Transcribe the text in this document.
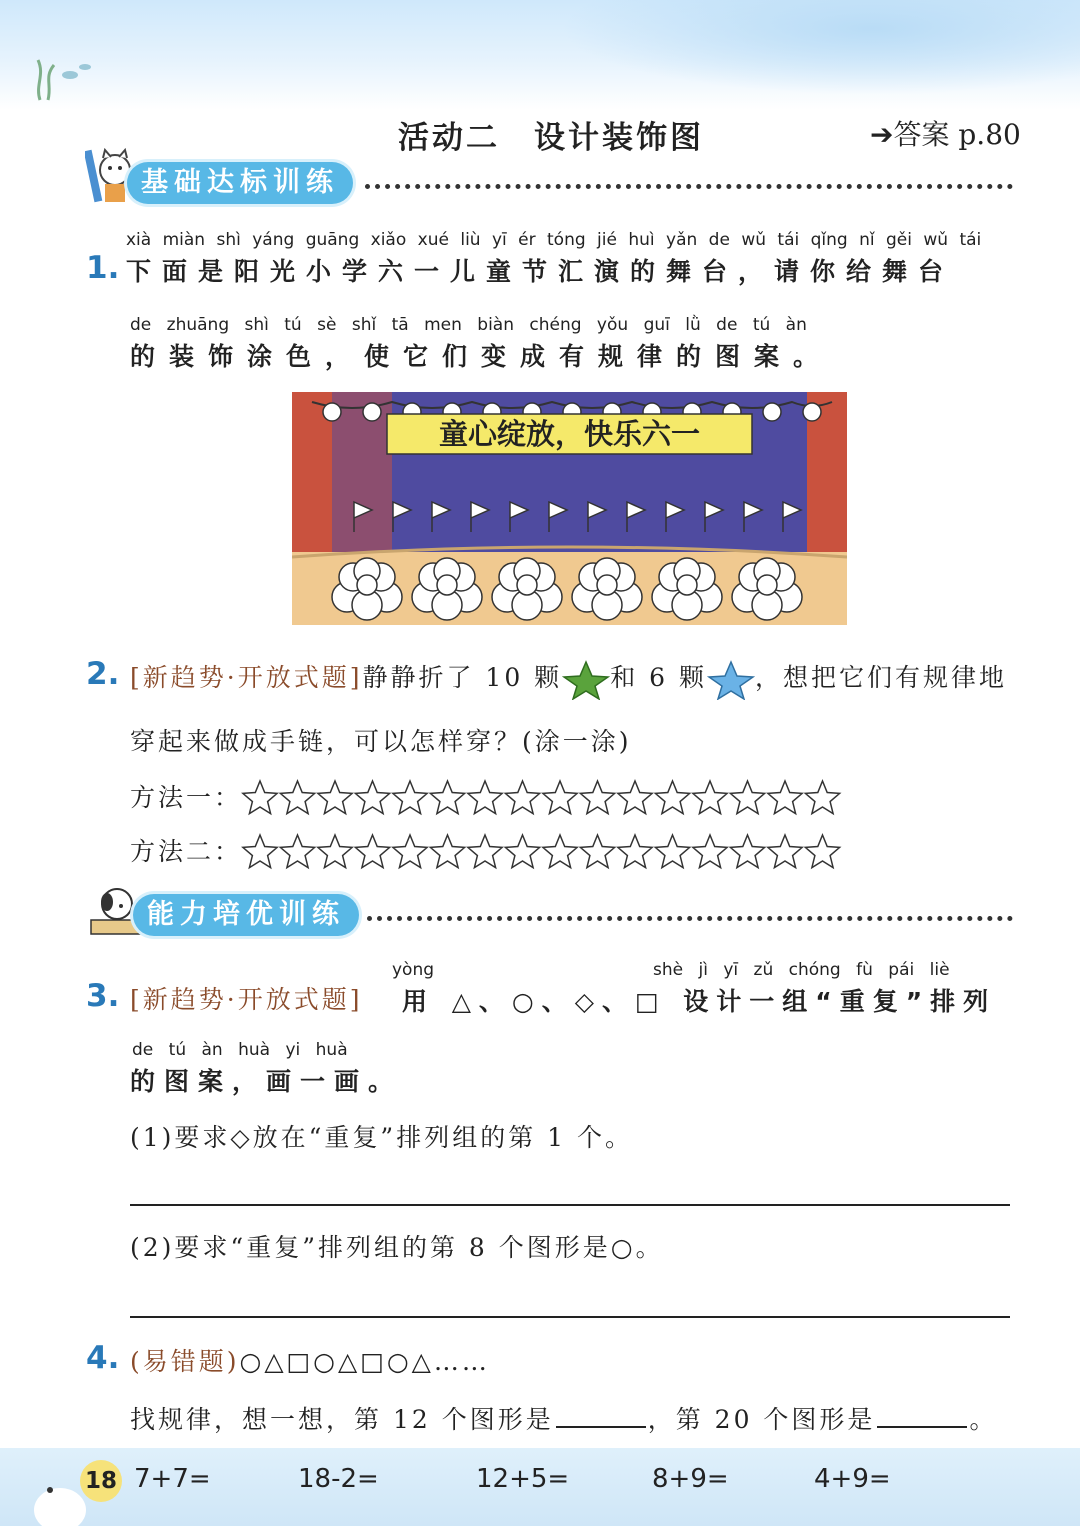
活动二　设计装饰图	➔答案 p.80
基础达标训练
1.
xià miàn shì yáng guāng xiǎo xué liù yī ér tóng jié huì yǎn de wǔ tái qǐng nǐ gěi wǔ tái
下面是阳光小学六一儿童节汇演的舞台，请你给舞台
de zhuāng shì tú sè shǐ tā men biàn chéng yǒu guī lǜ de tú àn
的装饰涂色，使它们变成有规律的图案。
童心绽放，快乐六一
2. [新趋势·开放式题]静静折了 10 颗 和 6 颗 ，想把它们有规律地
穿起来做成手链，可以怎样穿？(涂一涂)
方法一：
方法二：
能力培优训练
3.
yòng	shè jì yī zǔ chóng fù pái liè
[新趋势·开放式题] 用 △、○、◇、□ 设计一组“重复”排列
de tú àn huà yi huà
的图案，画一画。
(1)要求◇放在“重复”排列组的第 1 个。
(2)要求“重复”排列组的第 8 个图形是○。
4. (易错题)○△□○△□○△……
找规律，想一想，第 12 个图形是	，第 20 个图形是	。
18 7+7=	18-2=	12+5=	8+9=	4+9=
